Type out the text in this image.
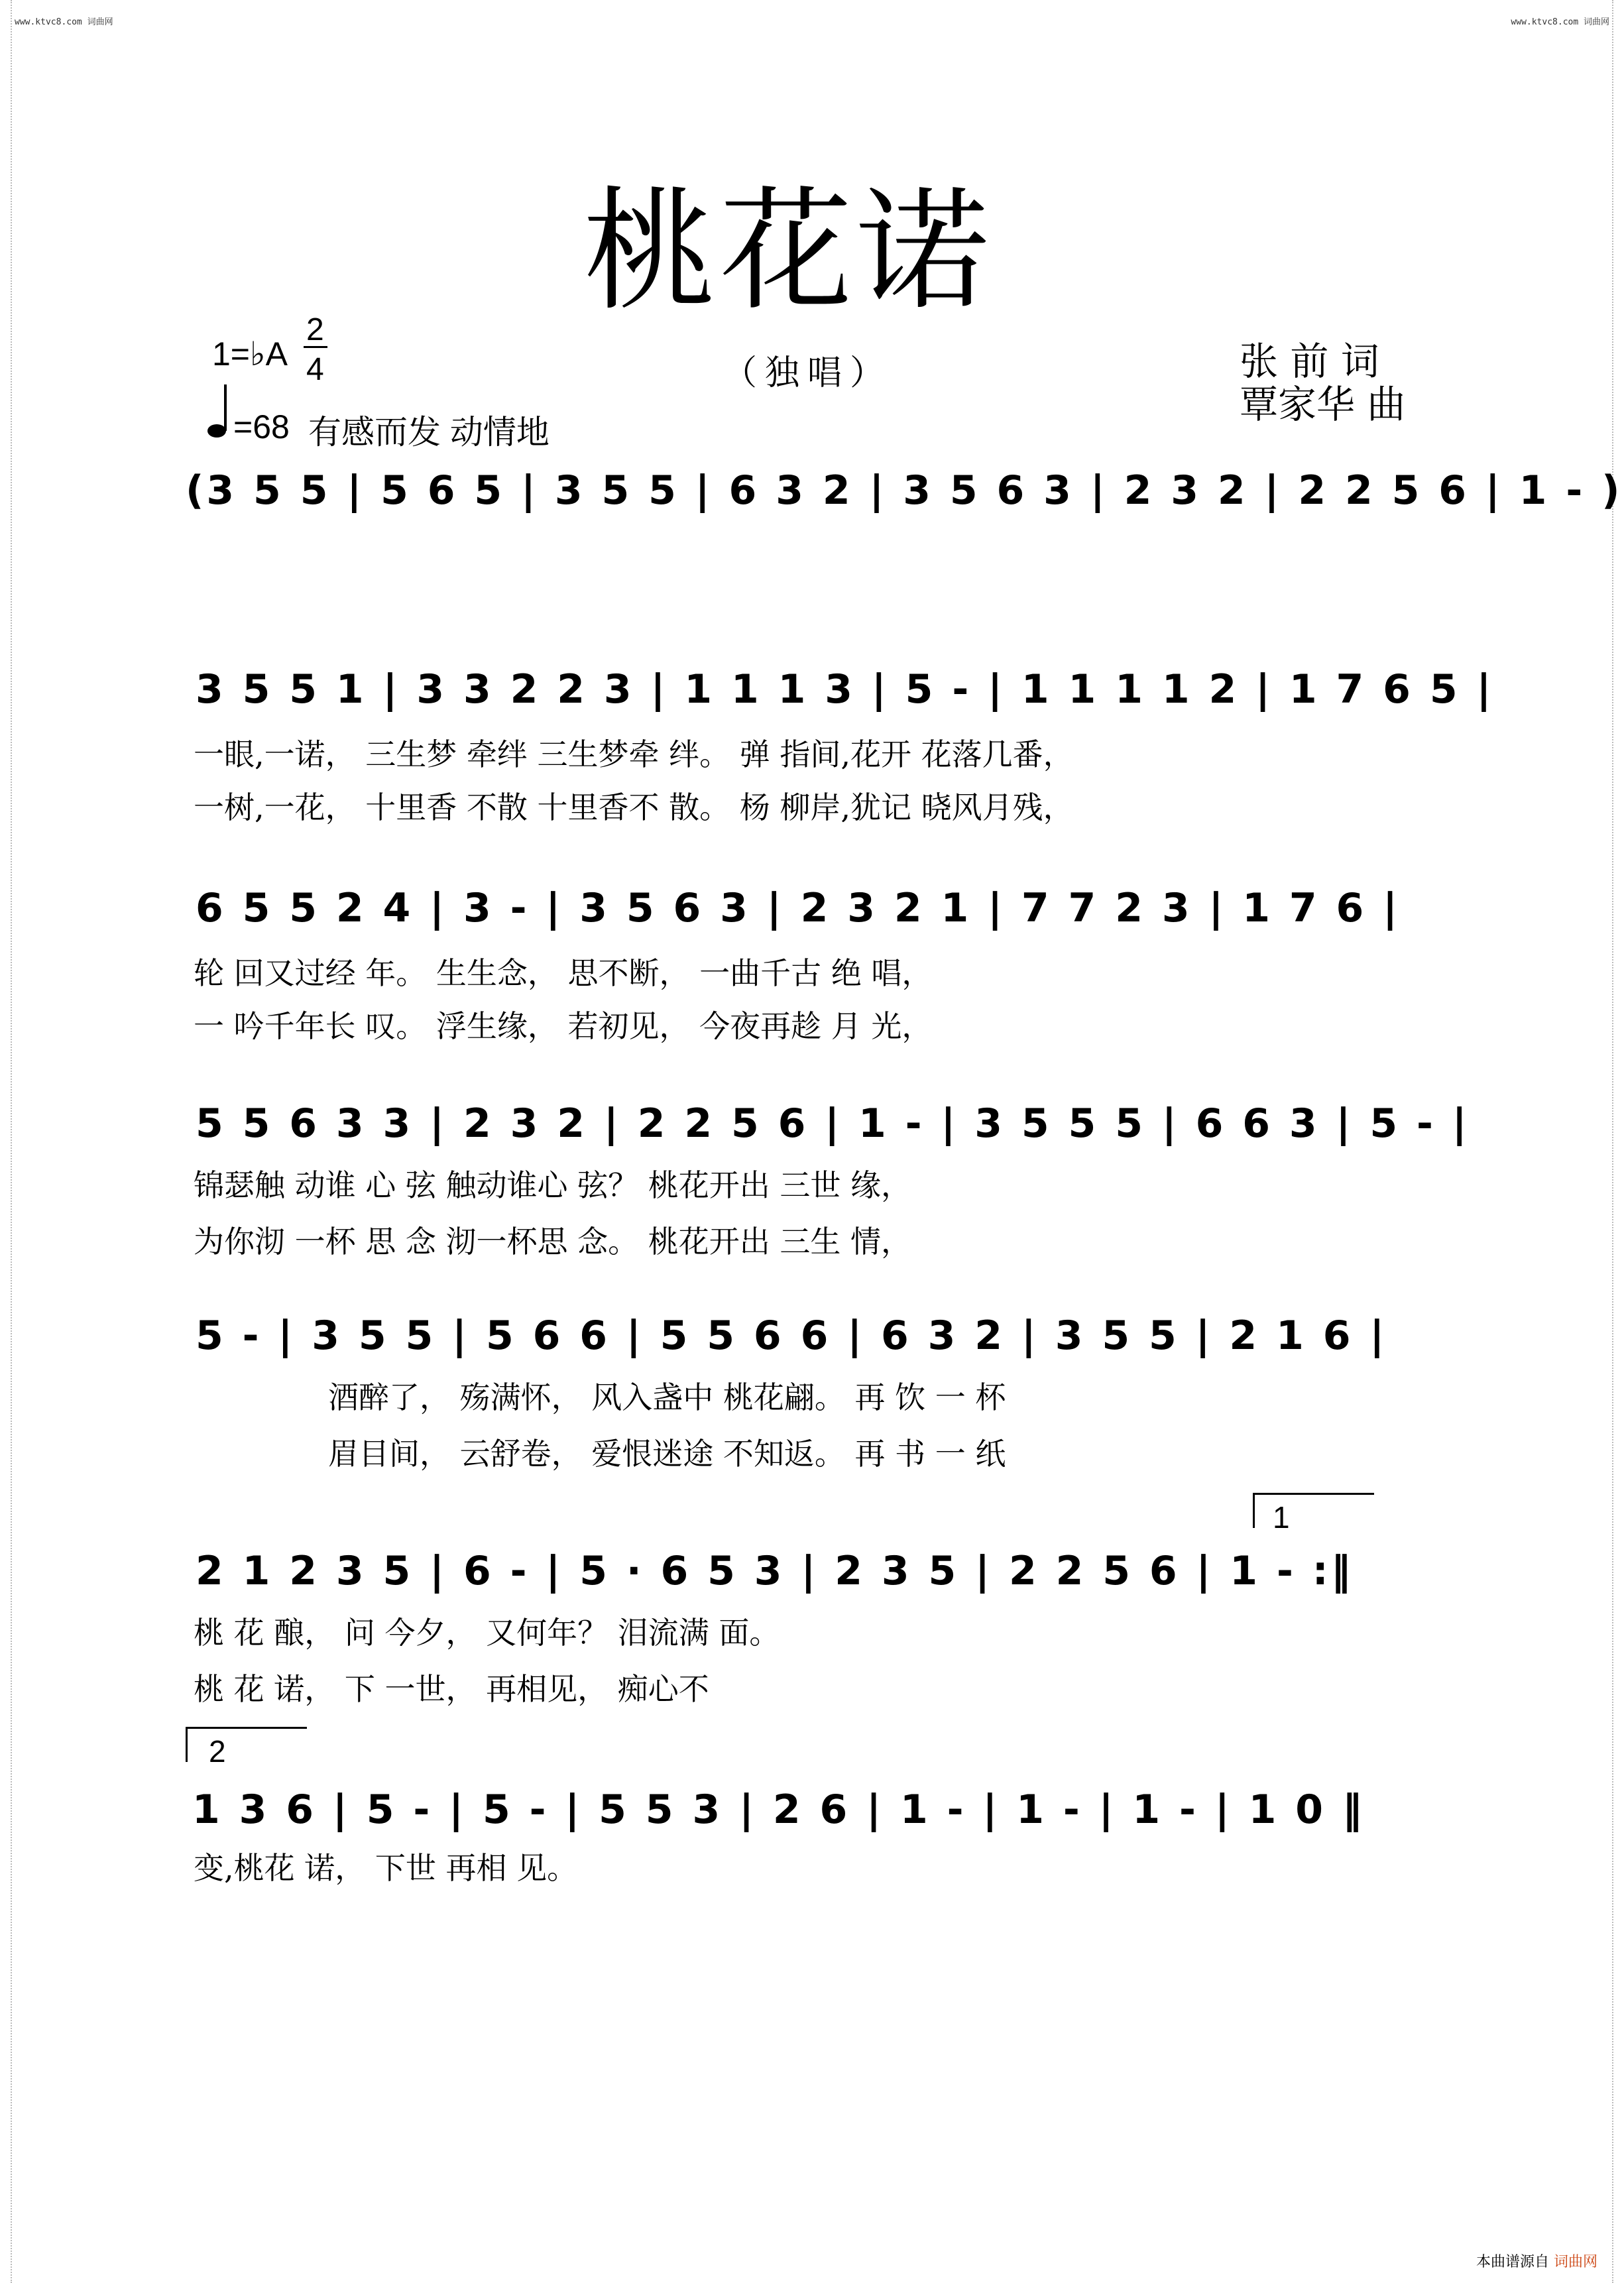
www.ktvc8.com 词曲网	www.ktvc8.com 词曲网
桃花诺
（独唱）	张 前 词
覃家华 曲
1=♭A
2
4
=68 有感而发 动情地
(3 5 5 | 5 6 5 | 3 5 5 | 6 3 2 | 3 5 6 3 | 2 3 2 | 2 2 5 6 | 1 - )
3 5 5 1 | 3 3 2 2 3 | 1 1 1 3 | 5 - | 1 1 1 1 2 | 1 7 6 5 |
一眼,一诺， 三生梦 牵绊 三生梦牵 绊。 弹 指间,花开 花落几番，
一树,一花， 十里香 不散 十里香不 散。 杨 柳岸,犹记 晓风月残，
6 5 5 2 4 | 3 - | 3 5 6 3 | 2 3 2 1 | 7 7 2 3 | 1 7 6 |
轮 回又过经 年。 生生念， 思不断， 一曲千古 绝 唱，
一 吟千年长 叹。 浮生缘， 若初见， 今夜再趁 月 光，
5 5 6 3 3 | 2 3 2 | 2 2 5 6 | 1 - | 3 5 5 5 | 6 6 3 | 5 - |
锦瑟触 动谁 心 弦 触动谁心 弦？ 桃花开出 三世 缘，
为你沏 一杯 思 念 沏一杯思 念。 桃花开出 三生 情，
5 - | 3 5 5 | 5 6 6 | 5 5 6 6 | 6 3 2 | 3 5 5 | 2 1 6 |
酒醉了， 殇满怀， 风入盏中 桃花翩。 再 饮 一 杯
眉目间， 云舒卷， 爱恨迷途 不知返。 再 书 一 纸
1
2 1 2 3 5 | 6 - | 5 · 6 5 3 | 2 3 5 | 2 2 5 6 | 1 - :‖
桃 花 酿， 问 今夕， 又何年？ 泪流满 面。
桃 花 诺， 下 一世， 再相见， 痴心不
2
1 3 6 | 5 - | 5 - | 5 5 3 | 2 6 | 1 - | 1 - | 1 - | 1 0 ‖
变,桃花 诺， 下世 再相 见。
本曲谱源自 词曲网
